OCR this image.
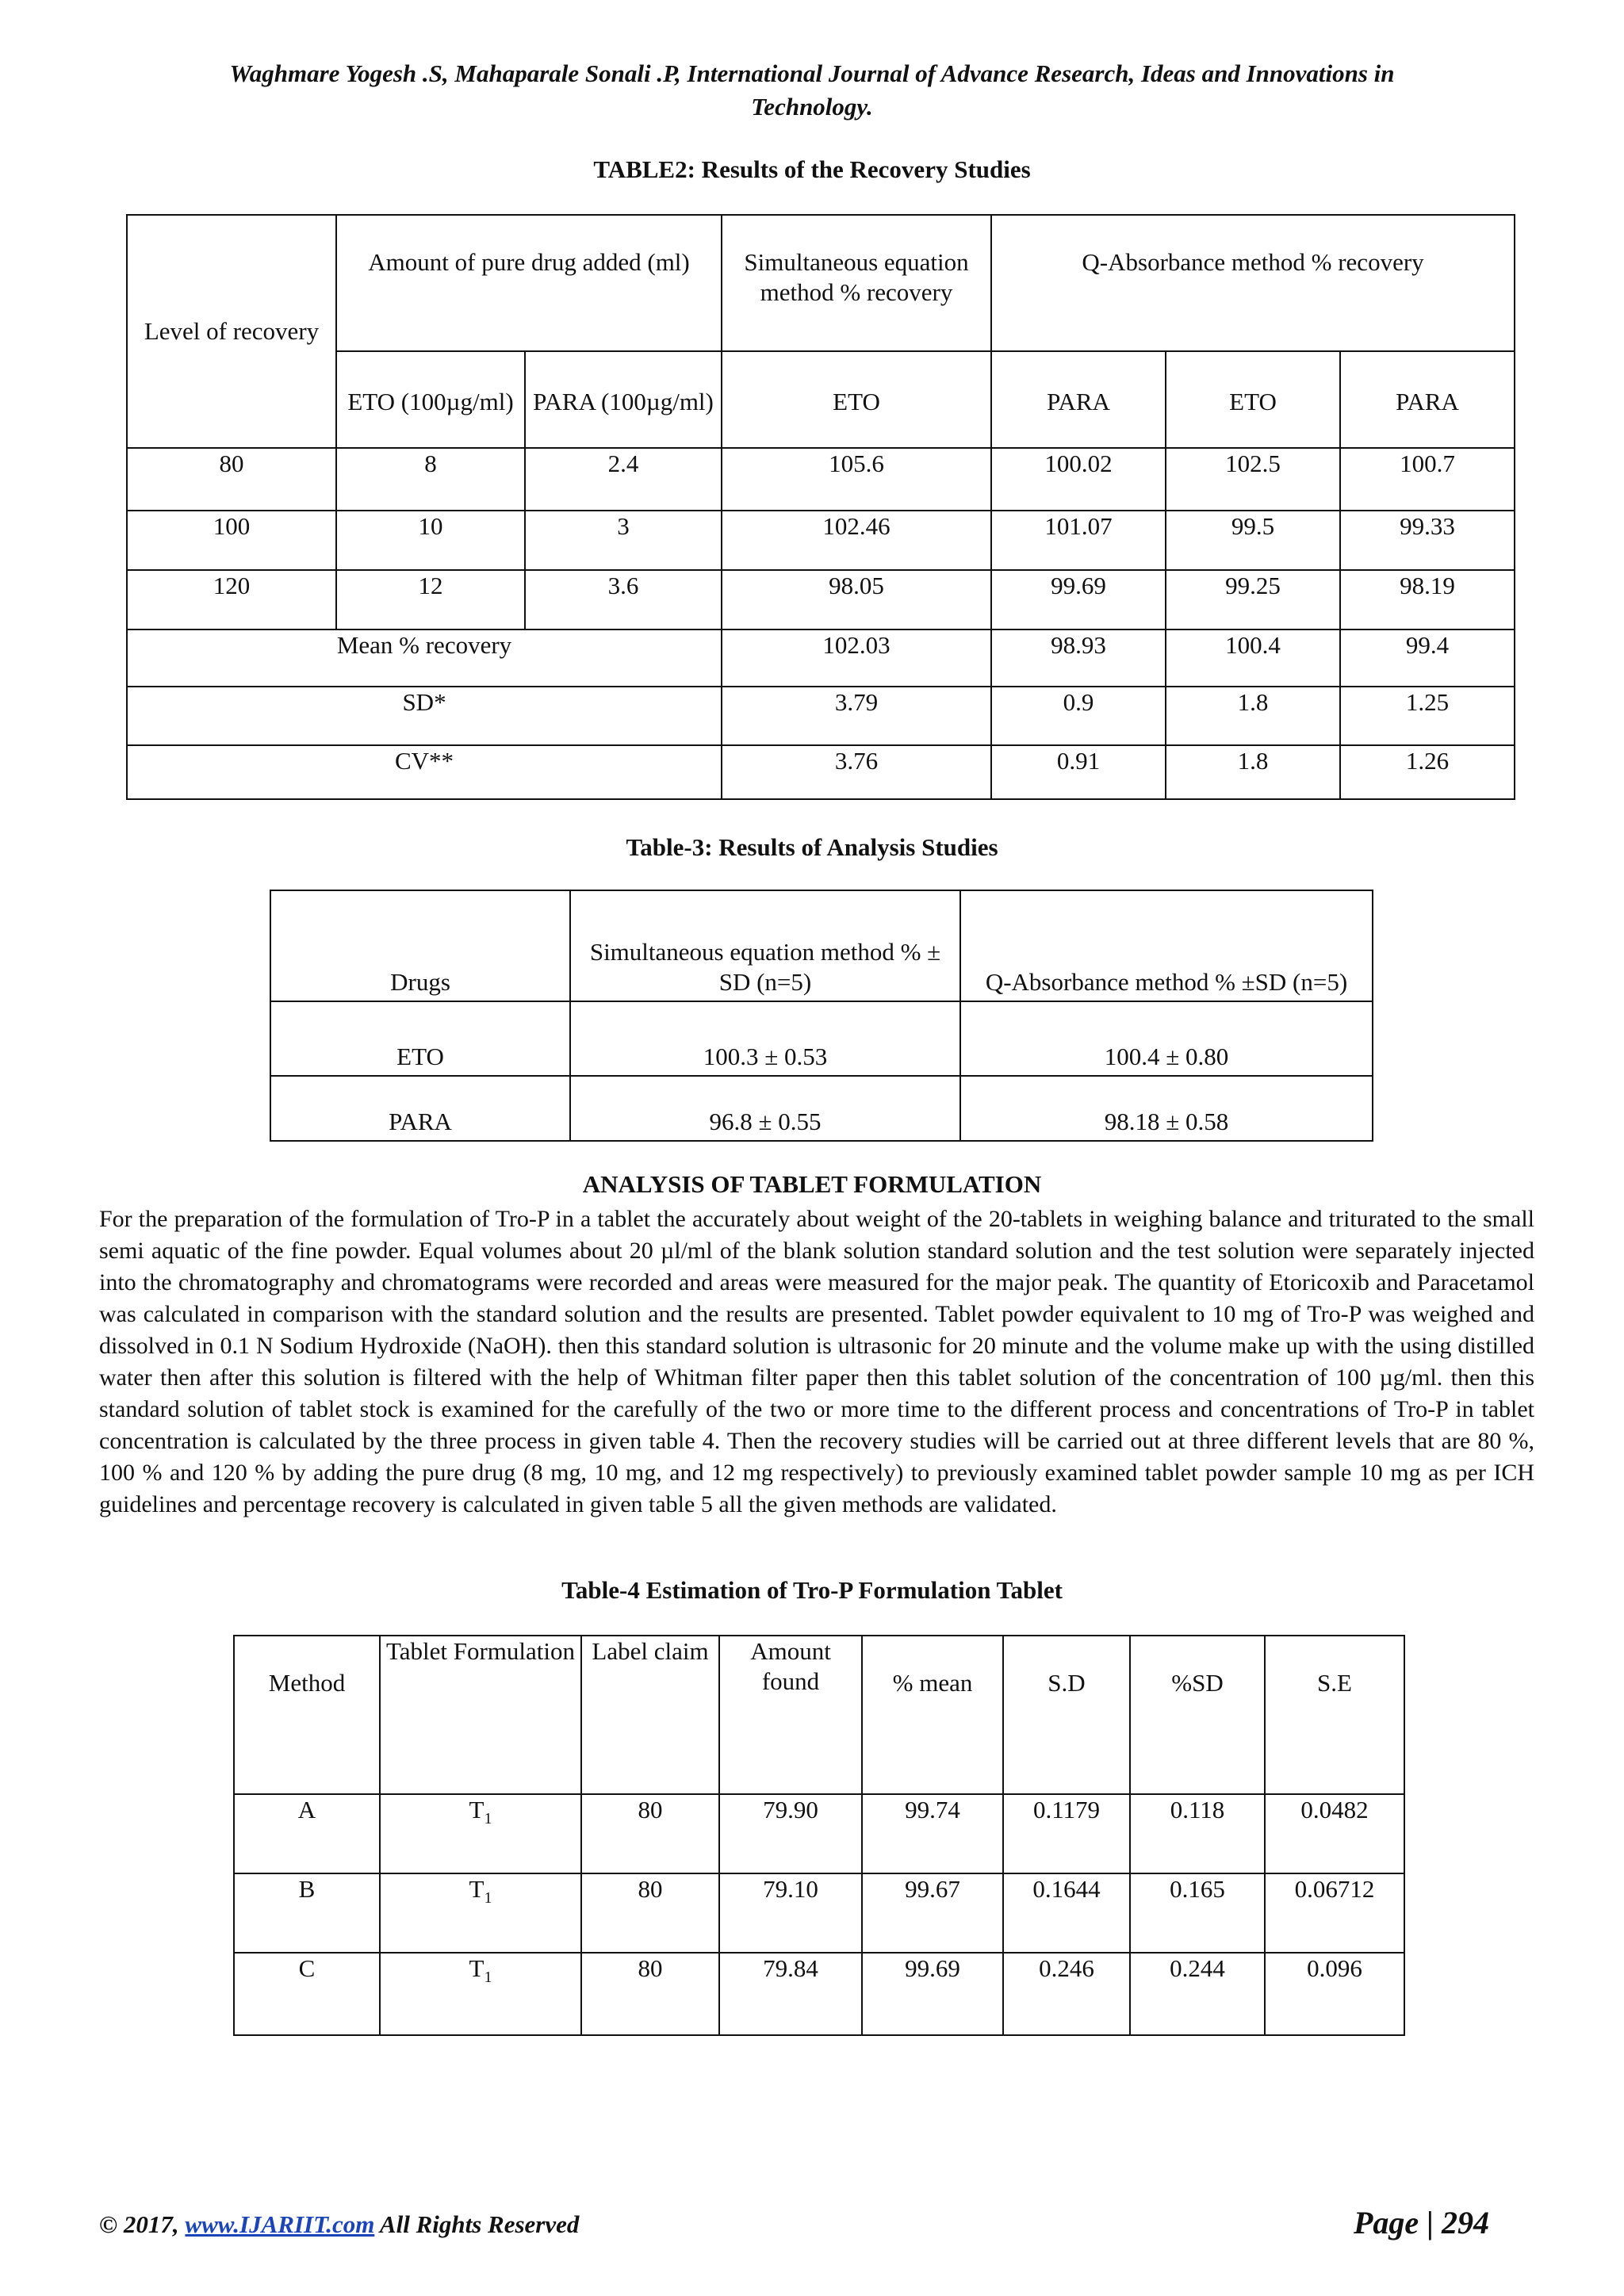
Waghmare Yogesh .S, Mahaparale Sonali .P, International Journal of Advance Research, Ideas and Innovations in
Technology.
TABLE2: Results of the Recovery Studies
Level of recovery	Amount of pure drug added (ml)		Simultaneous equation method % recovery	Q-Absorbance method % recovery		
	ETO (100µg/ml)	PARA (100µg/ml)	ETO	PARA	ETO	PARA
80	8	2.4	105.6	100.02	102.5	100.7
100	10	3	102.46	101.07	99.5	99.33
120	12	3.6	98.05	99.69	99.25	98.19
Mean % recovery			102.03	98.93	100.4	99.4
SD*			3.79	0.9	1.8	1.25
CV**			3.76	0.91	1.8	1.26
Table-3: Results of Analysis Studies
Drugs	Simultaneous equation method % ± SD (n=5)	Q-Absorbance method % ±SD (n=5)
ETO	100.3 ± 0.53	100.4 ± 0.80
PARA	96.8 ± 0.55	98.18 ± 0.58
ANALYSIS OF TABLET FORMULATION
For the preparation of the formulation of Tro-P in a tablet the accurately about weight of the 20-tablets in weighing balance and triturated to the small semi aquatic of the fine powder. Equal volumes about 20 µl/ml of the blank solution standard solution and the test solution were separately injected into the chromatography and chromatograms were recorded and areas were measured for the major peak. The quantity of Etoricoxib and Paracetamol was calculated in comparison with the standard solution and the results are presented. Tablet powder equivalent to 10 mg of Tro-P was weighed and dissolved in 0.1 N Sodium Hydroxide (NaOH). then this standard solution is ultrasonic for 20 minute and the volume make up with the using distilled water then after this solution is filtered with the help of Whitman filter paper then this tablet solution of the concentration of 100 µg/ml. then this standard solution of tablet stock is examined for the carefully of the two or more time to the different process and concentrations of Tro-P in tablet concentration is calculated by the three process in given table 4. Then the recovery studies will be carried out at three different levels that are 80 %, 100 % and 120 % by adding the pure drug (8 mg, 10 mg, and 12 mg respectively) to previously examined tablet powder sample 10 mg as per ICH guidelines and percentage recovery is calculated in given table 5 all the given methods are validated.
Table-4 Estimation of Tro-P Formulation Tablet
Method	Tablet Formulation	Label claim	Amount found	% mean	S.D	%SD	S.E
A	$T_1$	80	79.90	99.74	0.1179	0.118	0.0482
B	$T_1$	80	79.10	99.67	0.1644	0.165	0.06712
C	$T_1$	80	79.84	99.69	0.246	0.244	0.096
© 2017, www.IJARIIT.com All Rights Reserved	Page | 294
